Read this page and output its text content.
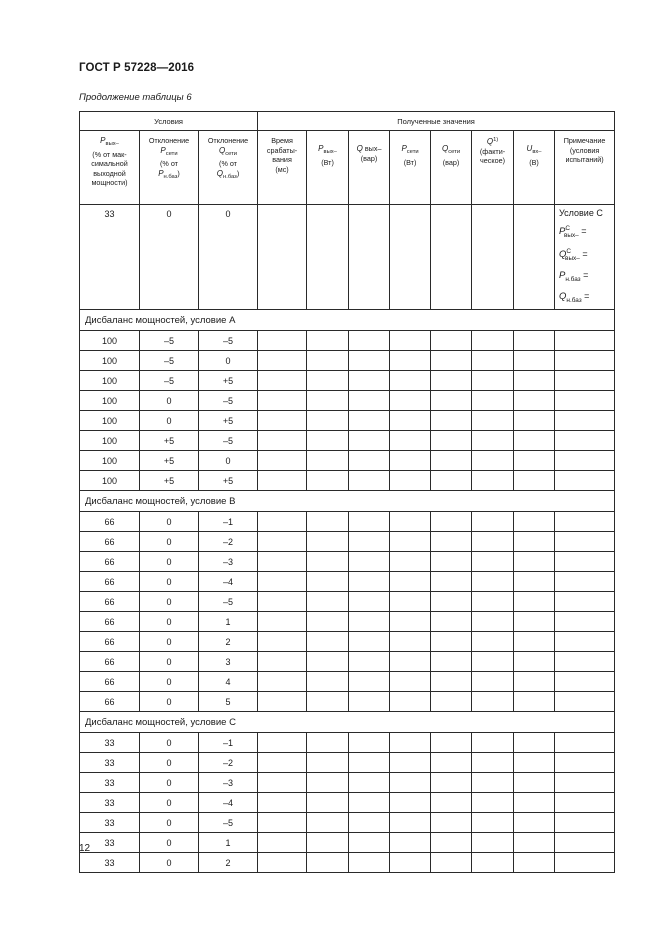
ГОСТ Р 57228—2016
Продолжение таблицы 6
Условия			Полученные значения							
$P_{вых-}$
(% от мак-
симальной
выходной
мощности)	Отклонение
$P_{сети}$
(% от
$P_{н.баз}$)	Отклонение
$Q_{сети}$
(% от
$Q_{н.баз}$)	Время
срабаты-
вания
(мс)	$P_{вых-}$
(Вт)	Q вых–
(вар)	$P_{сети}$
(Вт)	$Q_{сети}$
(вар)	$Q^{1)}$
(факти-
ческое)	$U_{вх-}$
(В)	Примечание
(условия
испытаний)
33	0	0								Условие C
$P^C_{вых-}$ =
$Q^C_{вых-}$ =
$P_{н.баз}$ =
$Q_{н.баз}$ =

Дисбаланс мощностей, условие А										
100	–5	–5								
100	–5	0								
100	–5	+5								
100	0	–5								
100	0	+5								
100	+5	–5								
100	+5	0								
100	+5	+5								
Дисбаланс мощностей, условие В										
66	0	–1								
66	0	–2								
66	0	–3								
66	0	–4								
66	0	–5								
66	0	1								
66	0	2								
66	0	3								
66	0	4								
66	0	5								
Дисбаланс мощностей, условие С										
33	0	–1								
33	0	–2								
33	0	–3								
33	0	–4								
33	0	–5								
33	0	1								
33	0	2								
12
